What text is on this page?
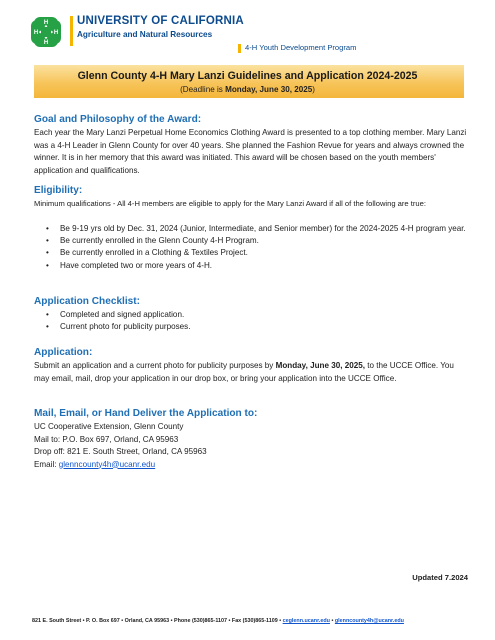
H
H
H
H
UNIVERSITY OF CALIFORNIA
Agriculture and Natural Resources
4-H Youth Development Program
Glenn County 4-H Mary Lanzi Guidelines and Application 2024-2025
(Deadline is Monday, June 30, 2025)
Goal and Philosophy of the Award:
Each year the Mary Lanzi Perpetual Home Economics Clothing Award is presented to a top clothing member. Mary Lanzi was a 4-H Leader in Glenn County for over 40 years. She planned the Fashion Revue for years and always crowned the winner. It is in her memory that this award was initiated. This award will be chosen based on the youth members' application and qualifications.
Eligibility:
Minimum qualifications - All 4-H members are eligible to apply for the Mary Lanzi Award if all of the following are true:
• Be 9-19 yrs old by Dec. 31, 2024 (Junior, Intermediate, and Senior member) for the 2024-2025 4-H program year.
• Be currently enrolled in the Glenn County 4-H Program.
• Be currently enrolled in a Clothing & Textiles Project.
• Have completed two or more years of 4-H.
Application Checklist:
• Completed and signed application.
• Current photo for publicity purposes.
Application:
Submit an application and a current photo for publicity purposes by Monday, June 30, 2025, to the UCCE Office. You may email, mail, drop your application in our drop box, or bring your application into the UCCE Office.
Mail, Email, or Hand Deliver the Application to:
UC Cooperative Extension, Glenn County
Mail to: P.O. Box 697, Orland, CA 95963
Drop off: 821 E. South Street, Orland, CA 95963
Email: glenncounty4h@ucanr.edu
Updated 7.2024
821 E. South Street • P. O. Box 697 • Orland, CA 95963 • Phone (530)865-1107 • Fax (530)865-1109 • ceglenn.ucanr.edu • glenncounty4h@ucanr.edu
